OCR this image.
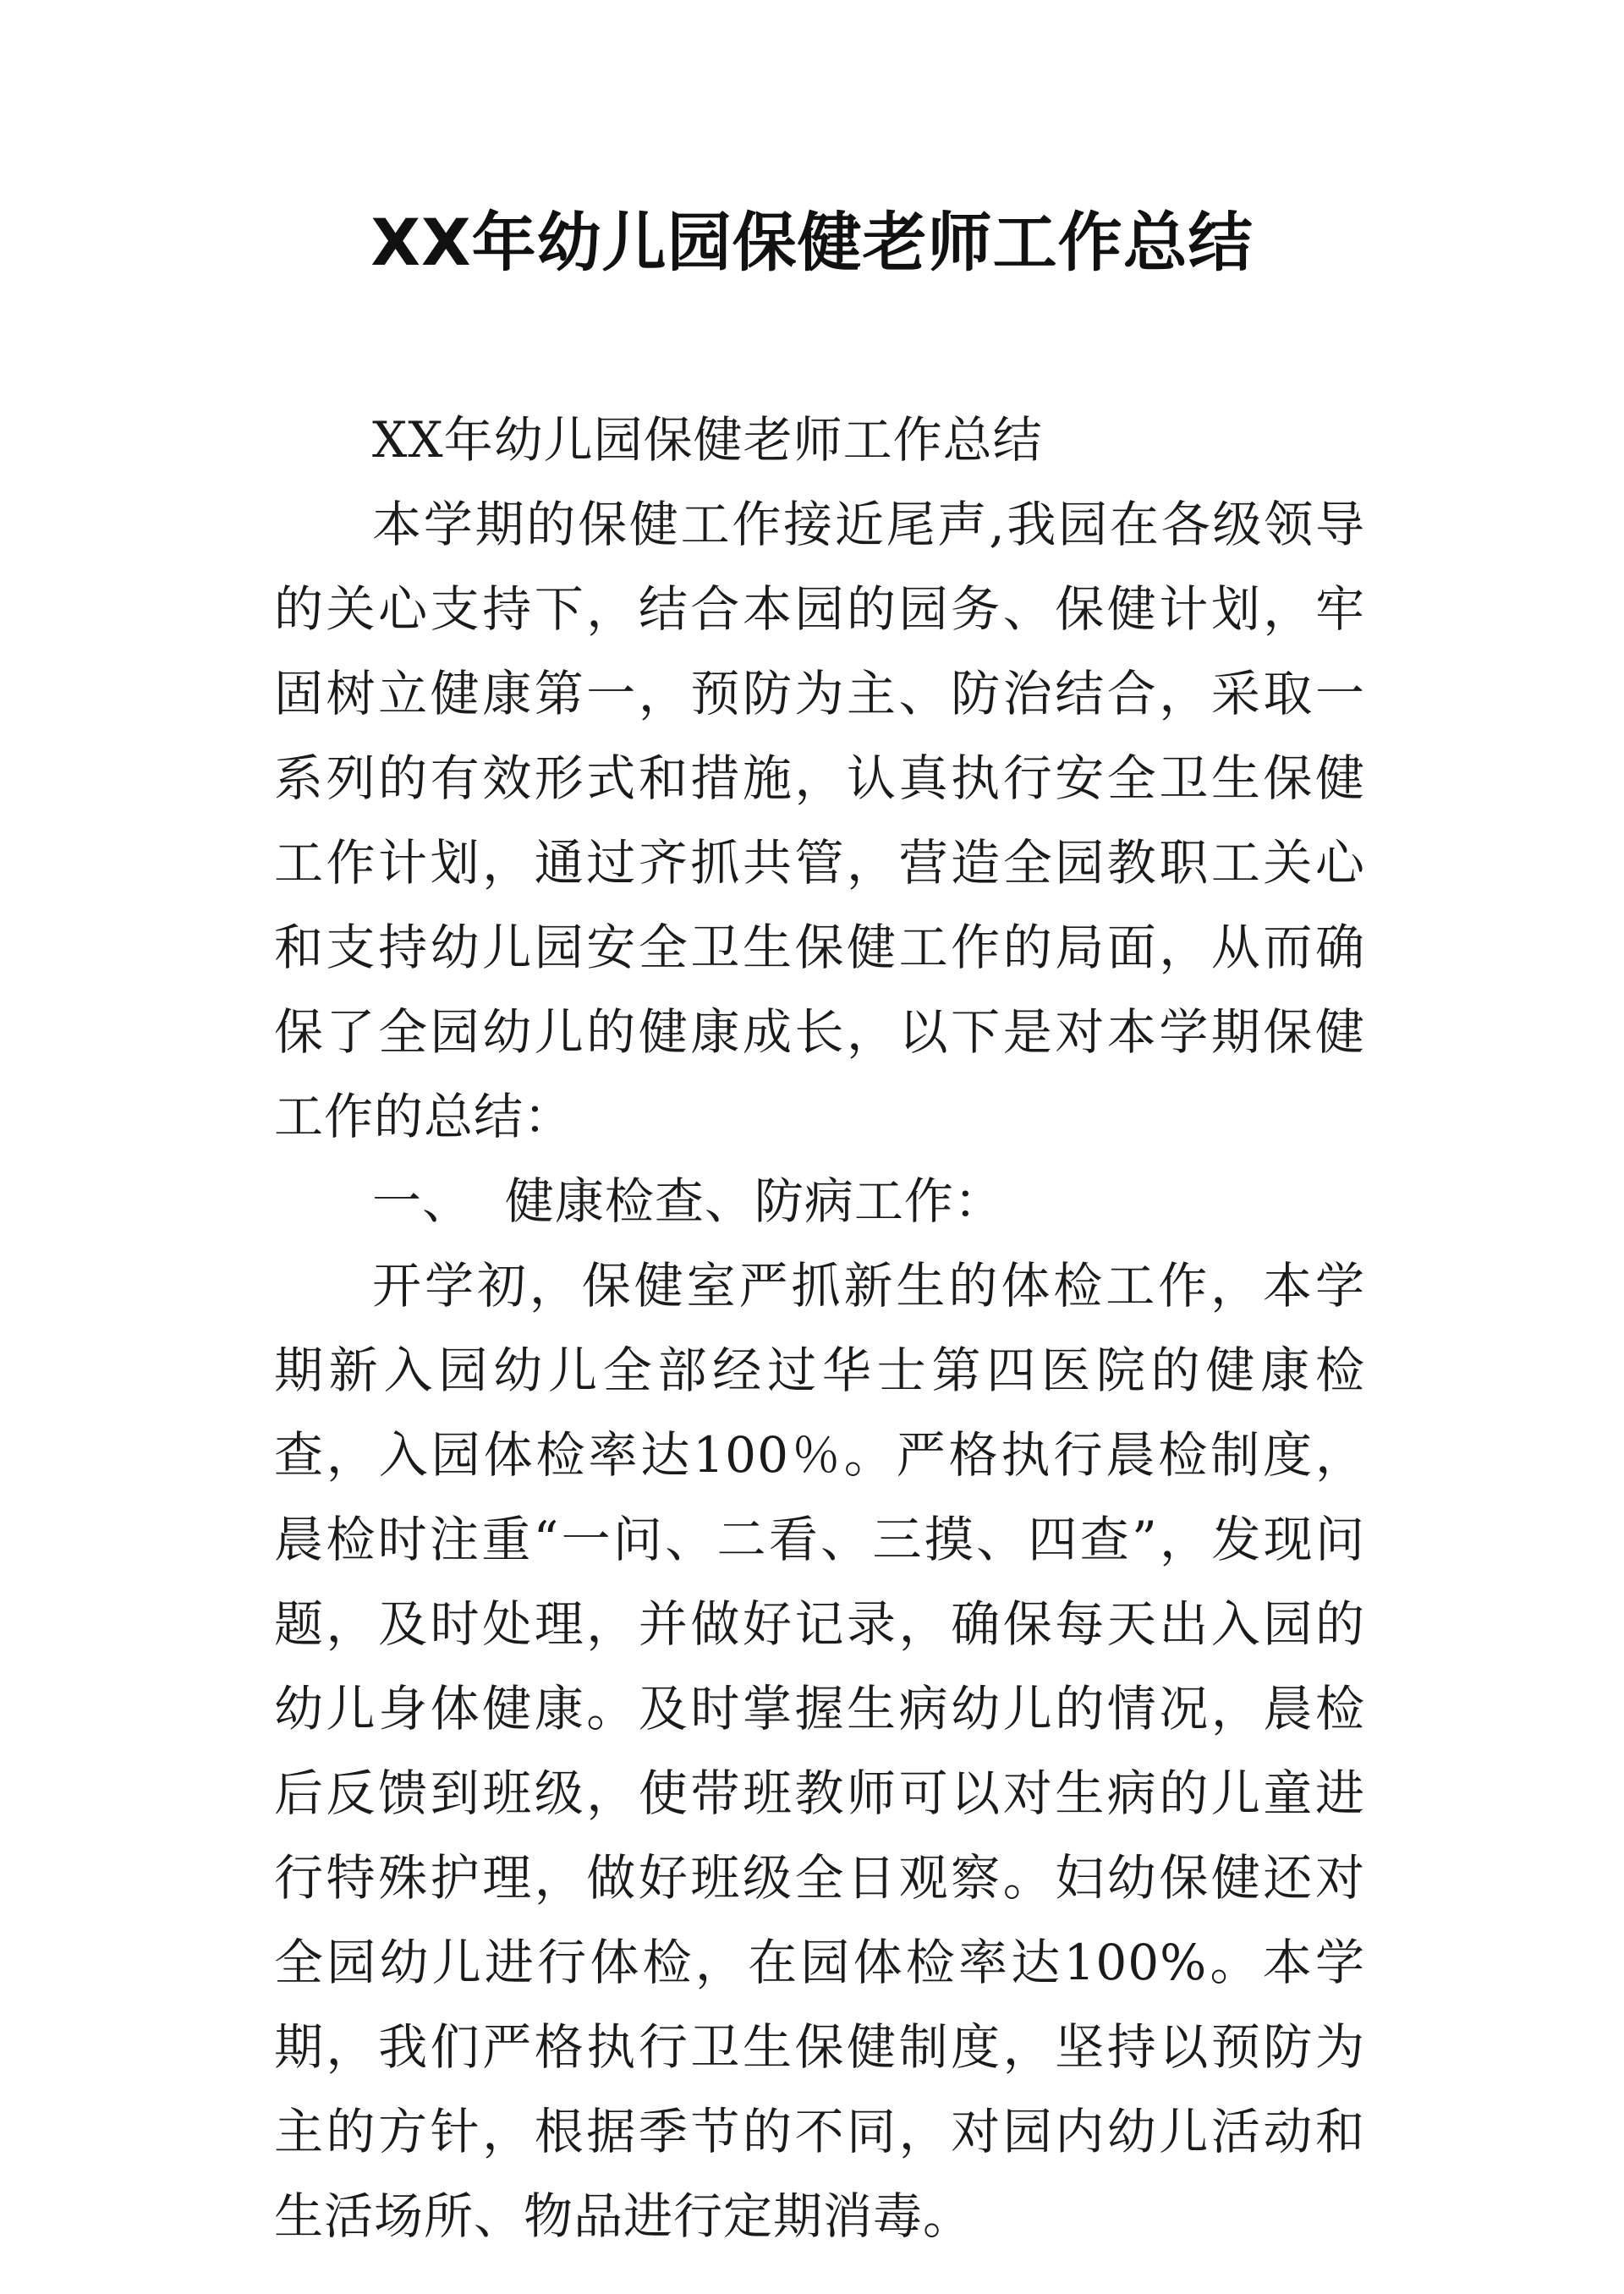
XX年幼儿园保健老师工作总结

XX年幼儿园保健老师工作总结

本学期的保健工作接近尾声,我园在各级领导的关心支持下，结合本园的园务、保健计划，牢固树立健康第一，预防为主、防治结合，采取一系列的有效形式和措施，认真执行安全卫生保健工作计划，通过齐抓共管，营造全园教职工关心和支持幼儿园安全卫生保健工作的局面，从而确保了全园幼儿的健康成长，以下是对本学期保健工作的总结：

一、  健康检查、防病工作：

开学初，保健室严抓新生的体检工作，本学期新入园幼儿全部经过华士第四医院的健康检查，入园体检率达100％。严格执行晨检制度，晨检时注重“一问、二看、三摸、四查”，发现问题，及时处理，并做好记录，确保每天出入园的幼儿身体健康。及时掌握生病幼儿的情况，晨检后反馈到班级，使带班教师可以对生病的儿童进行特殊护理，做好班级全日观察。妇幼保健还对全园幼儿进行体检，在园体检率达100%。本学期，我们严格执行卫生保健制度，坚持以预防为主的方针，根据季节的不同，对园内幼儿活动和生活场所、物品进行定期消毒。
